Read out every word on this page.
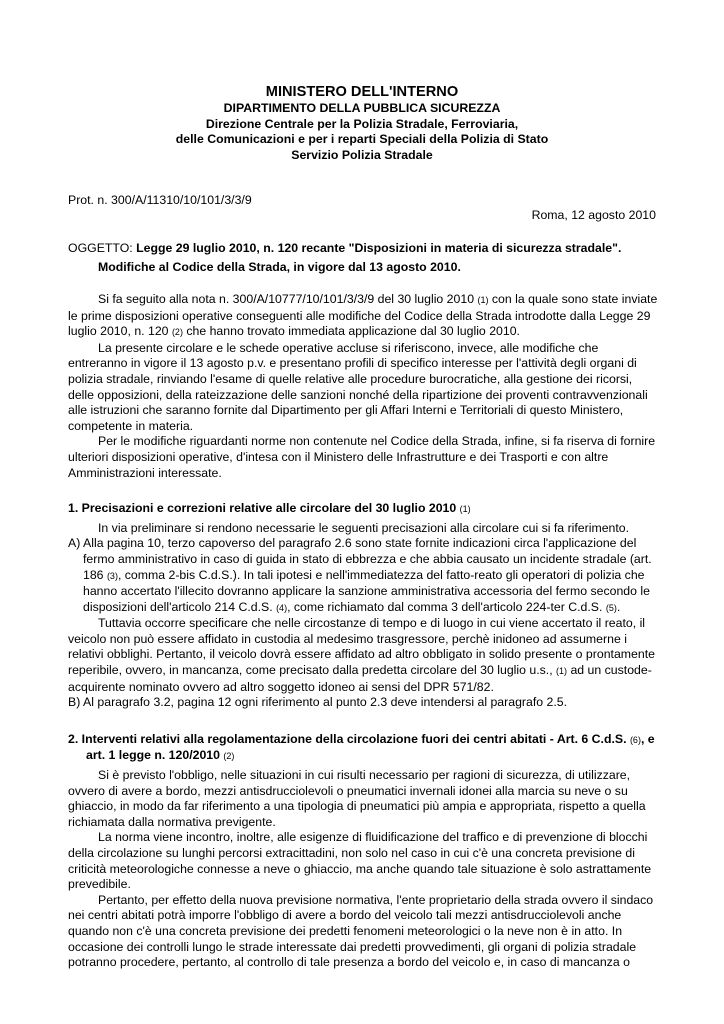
MINISTERO DELL'INTERNO
DIPARTIMENTO DELLA PUBBLICA SICUREZZA
Direzione Centrale per la Polizia Stradale, Ferroviaria,
delle Comunicazioni e per i reparti Speciali della Polizia di Stato
Servizio Polizia Stradale
Prot. n. 300/A/11310/10/101/3/3/9
Roma, 12 agosto 2010
OGGETTO: Legge 29 luglio 2010, n. 120 recante "Disposizioni in materia di sicurezza stradale".
Modifiche al Codice della Strada, in vigore dal 13 agosto 2010.

Si fa seguito alla nota n. 300/A/10777/10/101/3/3/9 del 30 luglio 2010 (1) con la quale sono state inviate le prime disposizioni operative conseguenti alle modifiche del Codice della Strada introdotte dalla Legge 29 luglio 2010, n. 120 (2) che hanno trovato immediata applicazione dal 30 luglio 2010.

La presente circolare e le schede operative accluse si riferiscono, invece, alle modifiche che entreranno in vigore il 13 agosto p.v. e presentano profili di specifico interesse per l'attività degli organi di polizia stradale, rinviando l'esame di quelle relative alle procedure burocratiche, alla gestione dei ricorsi, delle opposizioni, della rateizzazione delle sanzioni nonché della ripartizione dei proventi contravvenzionali alle istruzioni che saranno fornite dal Dipartimento per gli Affari Interni e Territoriali di questo Ministero, competente in materia.

Per le modifiche riguardanti norme non contenute nel Codice della Strada, infine, si fa riserva di fornire ulteriori disposizioni operative, d'intesa con il Ministero delle Infrastrutture e dei Trasporti e con altre Amministrazioni interessate.

1. Precisazioni e correzioni relative alle circolare del 30 luglio 2010 (1)

In via preliminare si rendono necessarie le seguenti precisazioni alla circolare cui si fa riferimento.

A) Alla pagina 10, terzo capoverso del paragrafo 2.6 sono state fornite indicazioni circa l'applicazione del fermo amministrativo in caso di guida in stato di ebbrezza e che abbia causato un incidente stradale (art. 186 (3), comma 2-bis C.d.S.). In tali ipotesi e nell'immediatezza del fatto-reato gli operatori di polizia che hanno accertato l'illecito dovranno applicare la sanzione amministrativa accessoria del fermo secondo le disposizioni dell'articolo 214 C.d.S. (4), come richiamato dal comma 3 dell'articolo 224-ter C.d.S. (5).

Tuttavia occorre specificare che nelle circostanze di tempo e di luogo in cui viene accertato il reato, il veicolo non può essere affidato in custodia al medesimo trasgressore, perchè inidoneo ad assumerne i relativi obblighi. Pertanto, il veicolo dovrà essere affidato ad altro obbligato in solido presente o prontamente reperibile, ovvero, in mancanza, come precisato dalla predetta circolare del 30 luglio u.s., (1) ad un custode-acquirente nominato ovvero ad altro soggetto idoneo ai sensi del DPR 571/82.

B) Al paragrafo 3.2, pagina 12 ogni riferimento al punto 2.3 deve intendersi al paragrafo 2.5.

2. Interventi relativi alla regolamentazione della circolazione fuori dei centri abitati - Art. 6 C.d.S. (6), e art. 1 legge n. 120/2010 (2)

Si è previsto l'obbligo, nelle situazioni in cui risulti necessario per ragioni di sicurezza, di utilizzare, ovvero di avere a bordo, mezzi antisdrucciolevoli o pneumatici invernali idonei alla marcia su neve o su ghiaccio, in modo da far riferimento a una tipologia di pneumatici più ampia e appropriata, rispetto a quella richiamata dalla normativa previgente.

La norma viene incontro, inoltre, alle esigenze di fluidificazione del traffico e di prevenzione di blocchi della circolazione su lunghi percorsi extracittadini, non solo nel caso in cui c'è una concreta previsione di criticità meteorologiche connesse a neve o ghiaccio, ma anche quando tale situazione è solo astrattamente prevedibile.

Pertanto, per effetto della nuova previsione normativa, l'ente proprietario della strada ovvero il sindaco nei centri abitati potrà imporre l'obbligo di avere a bordo del veicolo tali mezzi antisdrucciolevoli anche quando non c'è una concreta previsione dei predetti fenomeni meteorologici o la neve non è in atto. In occasione dei controlli lungo le strade interessate dai predetti provvedimenti, gli organi di polizia stradale potranno procedere, pertanto, al controllo di tale presenza a bordo del veicolo e, in caso di mancanza o
